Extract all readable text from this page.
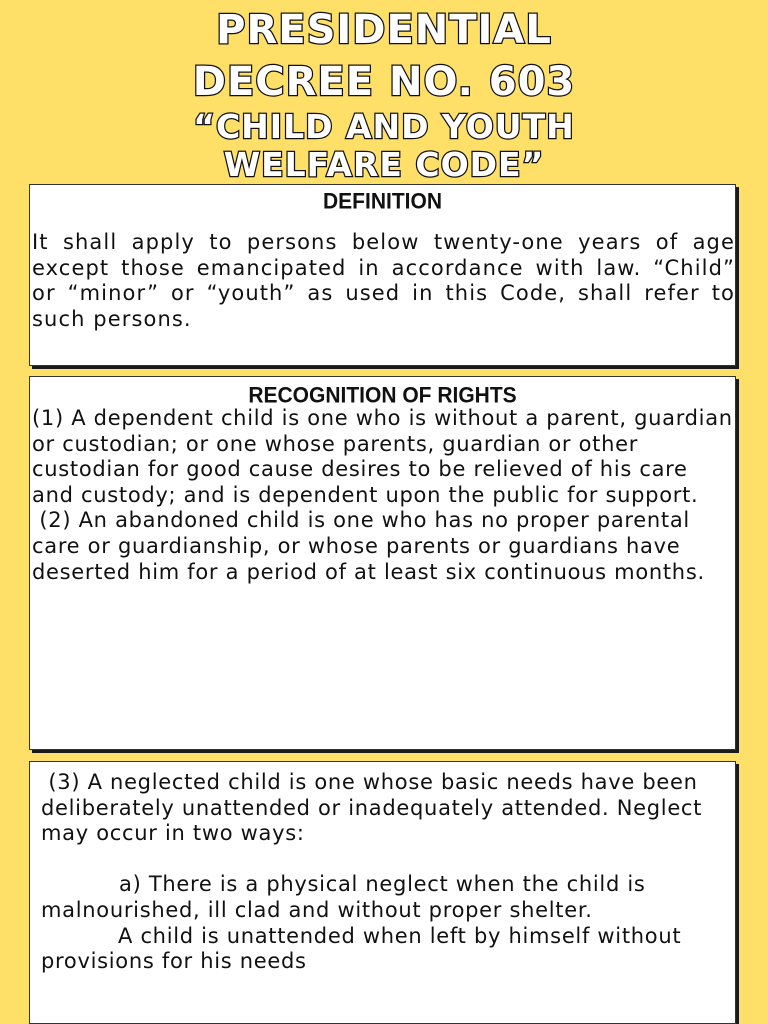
PRESIDENTIAL
DECREE NO. 603
“CHILD AND YOUTH
WELFARE CODE”
DEFINITION
It shall apply to persons below twenty-one years of age except those emancipated in accordance with law. “Child” or “minor” or “youth” as used in this Code, shall refer to such persons.
RECOGNITION OF RIGHTS

(1) A dependent child is one who is without a parent, guardian or custodian; or one whose parents, guardian or other custodian for good cause desires to be relieved of his care and custody; and is dependent upon the public for support.

(2) An abandoned child is one who has no proper parental care or guardianship, or whose parents or guardians have deserted him for a period of at least six continuous months.

(3) A neglected child is one whose basic needs have been deliberately unattended or inadequately attended. Neglect may occur in two ways:

a) There is a physical neglect when the child is malnourished, ill clad and without proper shelter.

A child is unattended when left by himself without provisions for his needs
